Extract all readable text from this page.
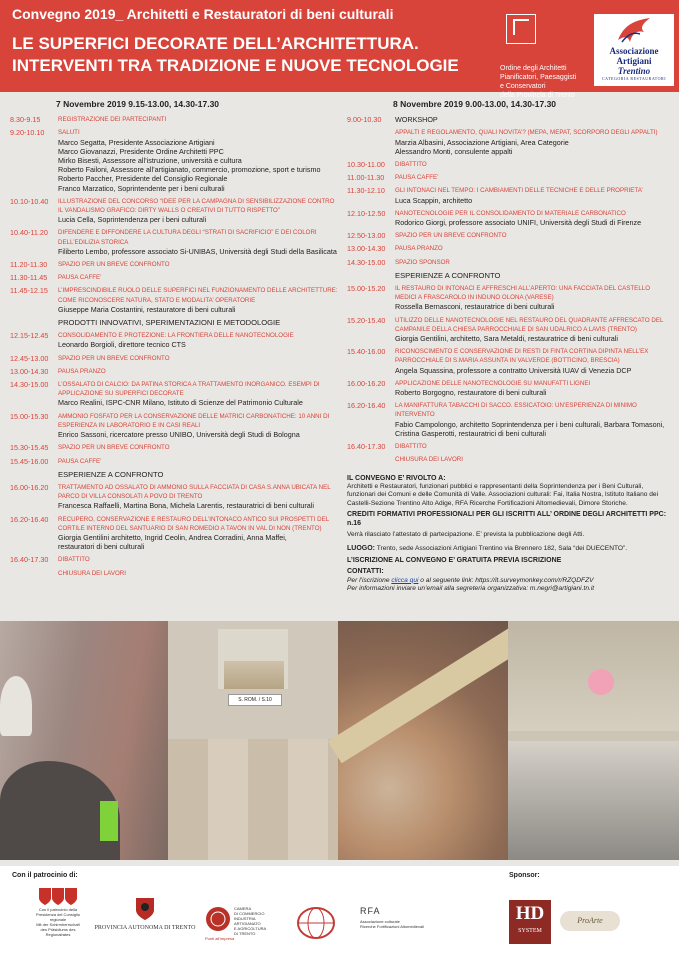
Convegno 2019_ Architetti e Restauratori di beni culturali
LE SUPERFICI DECORATE DELL’ARCHITETTURA.
INTERVENTI TRA TRADIZIONE E NUOVE TECNOLOGIE	Ordine degli Architetti
Pianificatori, Paesaggisti
e Conservatori
della Provincia di Trento
Associazione Artigiani
Trentino
CATEGORIA RESTAURATORI
7 Novembre 2019 9.15-13.00, 14.30-17.30
8.30-9.15	REGISTRAZIONE DEI PARTECIPANTI
9.20-10.10	SALUTI
Marco Segatta, Presidente Associazione Artigiani
Marco Giovanazzi, Presidente Ordine Architetti PPC
Mirko Bisesti, Assessore all’istruzione, università e cultura
Roberto Failoni, Assessore all’artigianato, commercio, promozione, sport e turismo
Roberto Paccher, Presidente del Consiglio Regionale
Franco Marzatico, Soprintendente per i beni culturali
10.10-10.40	ILLUSTRAZIONE DEL CONCORSO “IDEE PER LA CAMPAGNA DI SENSIBILIZZAZIONE CONTRO IL VANDALISMO GRAFICO: DIRTY WALLS O CREATIVI DI TUTTO RISPETTO”
Lucia Cella, Soprintendenza per i beni culturali
10.40-11.20	DIFENDERE E DIFFONDERE LA CULTURA DEGLI “STRATI DI SACRIFICIO” E DEI COLORI DELL’EDILIZIA STORICA
Filiberto Lembo, professore associato Si-UNIBAS, Università degli Studi della Basilicata
11.20-11.30	SPAZIO PER UN BREVE CONFRONTO
11.30-11.45	PAUSA CAFFE’
11.45-12.15	L’IMPRESCINDIBILE RUOLO DELLE SUPERFICI NEL FUNZIONAMENTO DELLE ARCHITETTURE: COME RICONOSCERE NATURA, STATO E MODALITA’ OPERATORIE
Giuseppe Maria Costantini, restauratore di beni culturali
PRODOTTI INNOVATIVI, SPERIMENTAZIONI E METODOLOGIE
12.15-12.45	CONSOLIDAMENTO E PROTEZIONE: LA FRONTIERA DELLE NANOTECNOLOGIE
Leonardo Borgioli, direttore tecnico CTS
12.45-13.00	SPAZIO PER UN BREVE CONFRONTO
13.00-14.30	PAUSA PRANZO
14.30-15.00	L’OSSALATO DI CALCIO: DA PATINA STORICA A TRATTAMENTO INORGANICO. ESEMPI DI APPLICAZIONE SU SUPERFICI DECORATE
Marco Realini, ISPC-CNR Milano, Istituto di Scienze del Patrimonio Culturale
15.00-15.30	AMMONIO FOSFATO PER LA CONSERVAZIONE DELLE MATRICI CARBONATICHE: 10 ANNI DI ESPERIENZA IN LABORATORIO E IN CASI REALI
Enrico Sassoni, ricercatore presso UNIBO, Università degli Studi di Bologna
15.30-15.45	SPAZIO PER UN BREVE CONFRONTO
15.45-16.00	PAUSA CAFFE’
ESPERIENZE A CONFRONTO
16.00-16.20	TRATTAMENTO AD OSSALATO DI AMMONIO SULLA FACCIATA DI CASA S.ANNA UBICATA NEL PARCO DI VILLA CONSOLATI A POVO DI TRENTO
Francesca Raffaelli, Martina Bona, Michela Larentis, restauratrici di beni culturali
16.20-16.40	RECUPERO, CONSERVAZIONE E RESTAURO DELL’INTONACO ANTICO SUI PROSPETTI DEL CORTILE INTERNO DEL SANTUARIO DI SAN ROMEDIO A TAVON IN VAL DI NON (TRENTO)
Giorgia Gentilini architetto, Ingrid Ceolin, Andrea Corradini, Anna Maffei,
restauratori di beni culturali
16.40-17.30	DIBATTITO
CHIUSURA DEI LAVORI
8 Novembre 2019 9.00-13.00, 14.30-17.30
9.00-10.30	WORKSHOP
APPALTI E REGOLAMENTO, QUALI NOVITA’? (MEPA, MEPAT, SCORPORO DEGLI APPALTI)
Marzia Albasini, Associazione Artigiani, Area Categorie
Alessandro Monti, consulente appalti
10.30-11.00	DIBATTITO
11.00-11.30	PAUSA CAFFE’
11.30-12.10	GLI INTONACI NEL TEMPO: I CAMBIAMENTI DELLE TECNICHE E DELLE PROPRIETA’
Luca Scappin, architetto
12.10-12.50	NANOTECNOLOGIE PER IL CONSOLIDAMENTO DI MATERIALE CARBONATICO
Rodorico Giorgi, professore associato UNIFI, Università degli Studi di Firenze
12.50-13.00	SPAZIO PER UN BREVE CONFRONTO
13.00-14.30	PAUSA PRANZO
14.30-15.00	SPAZIO SPONSOR
ESPERIENZE A CONFRONTO
15.00-15.20	IL RESTAURO DI INTONACI E AFFRESCHI ALL’APERTO: UNA FACCIATA DEL CASTELLO MEDICI A FRASCAROLO IN INDUNO OLONA (VARESE)
Rossella Bernasconi, restauratrice di beni culturali
15.20-15.40	UTILIZZO DELLE NANOTECNOLOGIE NEL RESTAURO DEL QUADRANTE AFFRESCATO DEL CAMPANILE DELLA CHIESA PARROCCHIALE DI SAN UDALRICO A LAVIS (TRENTO)
Giorgia Gentilini, architetto, Sara Metaldi, restauratrice di beni culturali
15.40-16.00	RICONOSCIMENTO E CONSERVAZIONE DI RESTI DI FINTA CORTINA DIPINTA NELL’EX PARROCCHIALE DI S.MARIA ASSUNTA IN VALVERDE (BOTTICINO, BRESCIA)
Angela Squassina, professore a contratto Università IUAV di Venezia DCP
16.00-16.20	APPLICAZIONE DELLE NANOTECNOLOGIE SU MANUFATTI LIGNEI
Roberto Borgogno, restauratore di beni culturali
16.20-16.40	LA MANIFATTURA TABACCHI DI SACCO. ESSICATOIO: UN’ESPERIENZA DI MINIMO INTERVENTO
Fabio Campolongo, architetto Soprintendenza per i beni culturali, Barbara Tomasoni,
Cristina Gasperotti, restauratrici di beni culturali
16.40-17.30	DIBATTITO
CHIUSURA DEI LAVORI
IL CONVEGNO E’ RIVOLTO A:
Architetti e Restauratori, funzionari pubblici e rappresentanti della Soprintendenza per i Beni Culturali, funzionari dei Comuni e delle Comunità di Valle. Associazioni culturali: Fai, Italia Nostra, Istituto Italiano dei Castelli-Sezione Trentino Alto Adige, RFA Ricerche Fortificazioni Altomedievali, Dimore Storiche.
CREDITI FORMATIVI PROFESSIONALI PER GLI ISCRITTI ALL’ ORDINE DEGLI ARCHITETTI PPC: n.16
Verrà rilasciato l’attestato di partecipazione. E’ prevista la pubblicazione degli Atti.
LUOGO: Trento, sede Associazioni Artigiani Trentino via Brennero 182, Sala “dei DUECENTO”.
L’ISCRIZIONE AL CONVEGNO E’ GRATUITA PREVIA ISCRIZIONE
CONTATTI:
Per l’iscrizione clicca qui o al seguente link: https://it.surveymonkey.com/r/RZQDFZV
Per informazioni inviare un’email alla segreteria organizzativa: m.negri@artigiani.tn.it
S. ROM. / S.10
Con il patrocinio di:	Sponsor:
Con il patrocinio della
Presidenza del Consiglio regionale
Mit der Schirmherrschaft
des Präsidiums des Regionalrates
PROVINCIA AUTONOMA DI TRENTO
CAMERA
DI COMMERCIO
INDUSTRIA
ARTIGIANATO
E AGRICOLTURA
DI TRENTO
Punti all'impresa
RFA
Associazione culturale
Ricerche Fortificazioni Altomedievali
HD
SYSTEM
ProArte
